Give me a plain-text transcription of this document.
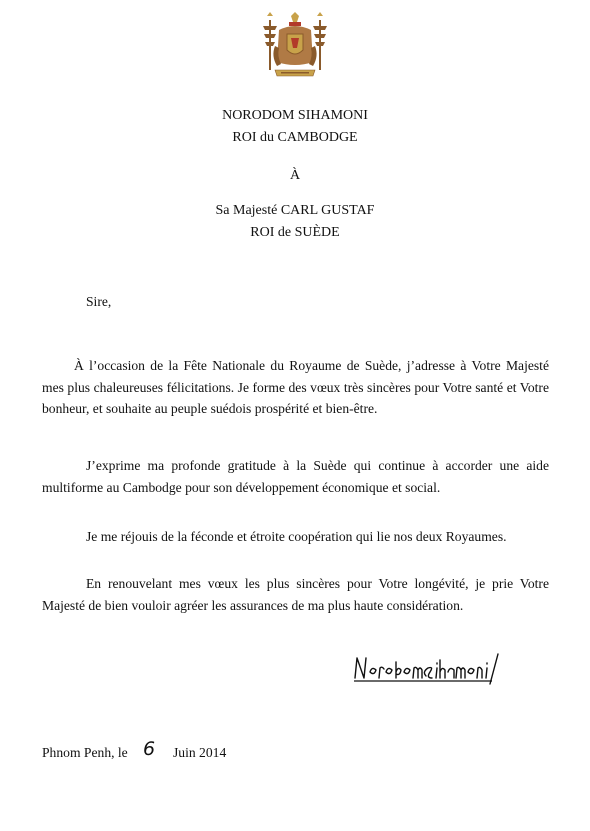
NORODOM SIHAMONI
ROI du CAMBODGE
À
Sa Majesté CARL GUSTAF
ROI de SUÈDE
Sire,
À l’occasion de la Fête Nationale du Royaume de Suède, j’adresse à Votre Majesté mes plus chaleureuses félicitations. Je forme des vœux très sincères pour Votre santé et Votre bonheur, et souhaite au peuple suédois prospérité et bien-être.
J’exprime ma profonde gratitude à la Suède qui continue à accorder une aide multiforme au Cambodge pour son développement économique et social.
Je me réjouis de la féconde et étroite coopération qui lie nos deux Royaumes.
En renouvelant mes vœux les plus sincères pour Votre longévité, je prie Votre Majesté de bien vouloir agréer les assurances de ma plus haute considération.
Phnom Penh, le 6 Juin 2014
